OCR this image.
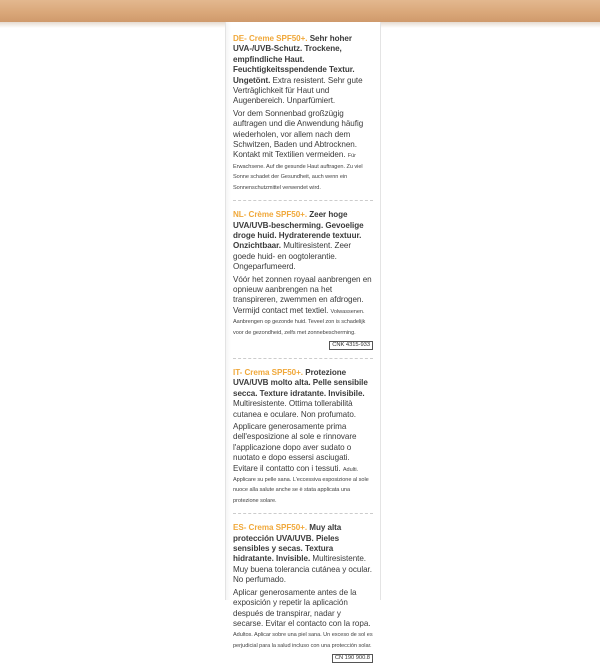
DE- Creme SPF50+. Sehr hoher UVA-/UVB-Schutz. Trockene, empfindliche Haut. Feuchtigkeitsspendende Textur. Ungetönt. Extra resistent. Sehr gute Verträglichkeit für Haut und Augenbereich. Unparfümiert.

Vor dem Sonnenbad großzügig auftragen und die Anwendung häufig wiederholen, vor allem nach dem Schwitzen, Baden und Abtrocknen. Kontakt mit Textilien vermeiden. Für Erwachsene. Auf die gesunde Haut auftragen. Zu viel Sonne schadet der Gesundheit, auch wenn ein Sonnenschutzmittel verwendet wird.

NL- Crème SPF50+. Zeer hoge UVA/UVB-bescherming. Gevoelige droge huid. Hydraterende textuur. Onzichtbaar. Multiresistent. Zeer goede huid- en oogtolerantie. Ongeparfumeerd.

Vóór het zonnen royaal aanbrengen en opnieuw aanbrengen na het transpireren, zwemmen en afdrogen. Vermijd contact met textiel. Volwassenen. Aanbrengen op gezonde huid. Teveel zon is schadelijk voor de gezondheid, zelfs met zonnebescherming.

CNK 4315-933

IT- Crema SPF50+. Protezione UVA/UVB molto alta. Pelle sensibile secca. Texture idratante. Invisibile. Multiresistente. Ottima tollerabilità cutanea e oculare. Non profumato.

Applicare generosamente prima dell'esposizione al sole e rinnovare l'applicazione dopo aver sudato o nuotato e dopo essersi asciugati. Evitare il contatto con i tessuti. Adulti. Applicare su pelle sana. L'eccessiva esposizione al sole nuoce alla salute anche se è stata applicata una protezione solare.

ES- Crema SPF50+. Muy alta protección UVA/UVB. Pieles sensibles y secas. Textura hidratante. Invisible. Multiresistente. Muy buena tolerancia cutánea y ocular. No perfumado.

Aplicar generosamente antes de la exposición y repetir la aplicación después de transpirar, nadar y secarse. Evitar el contacto con la ropa. Adultos. Aplicar sobre una piel sana. Un exceso de sol es perjudicial para la salud incluso con una protección solar.

CN 190 900.8
